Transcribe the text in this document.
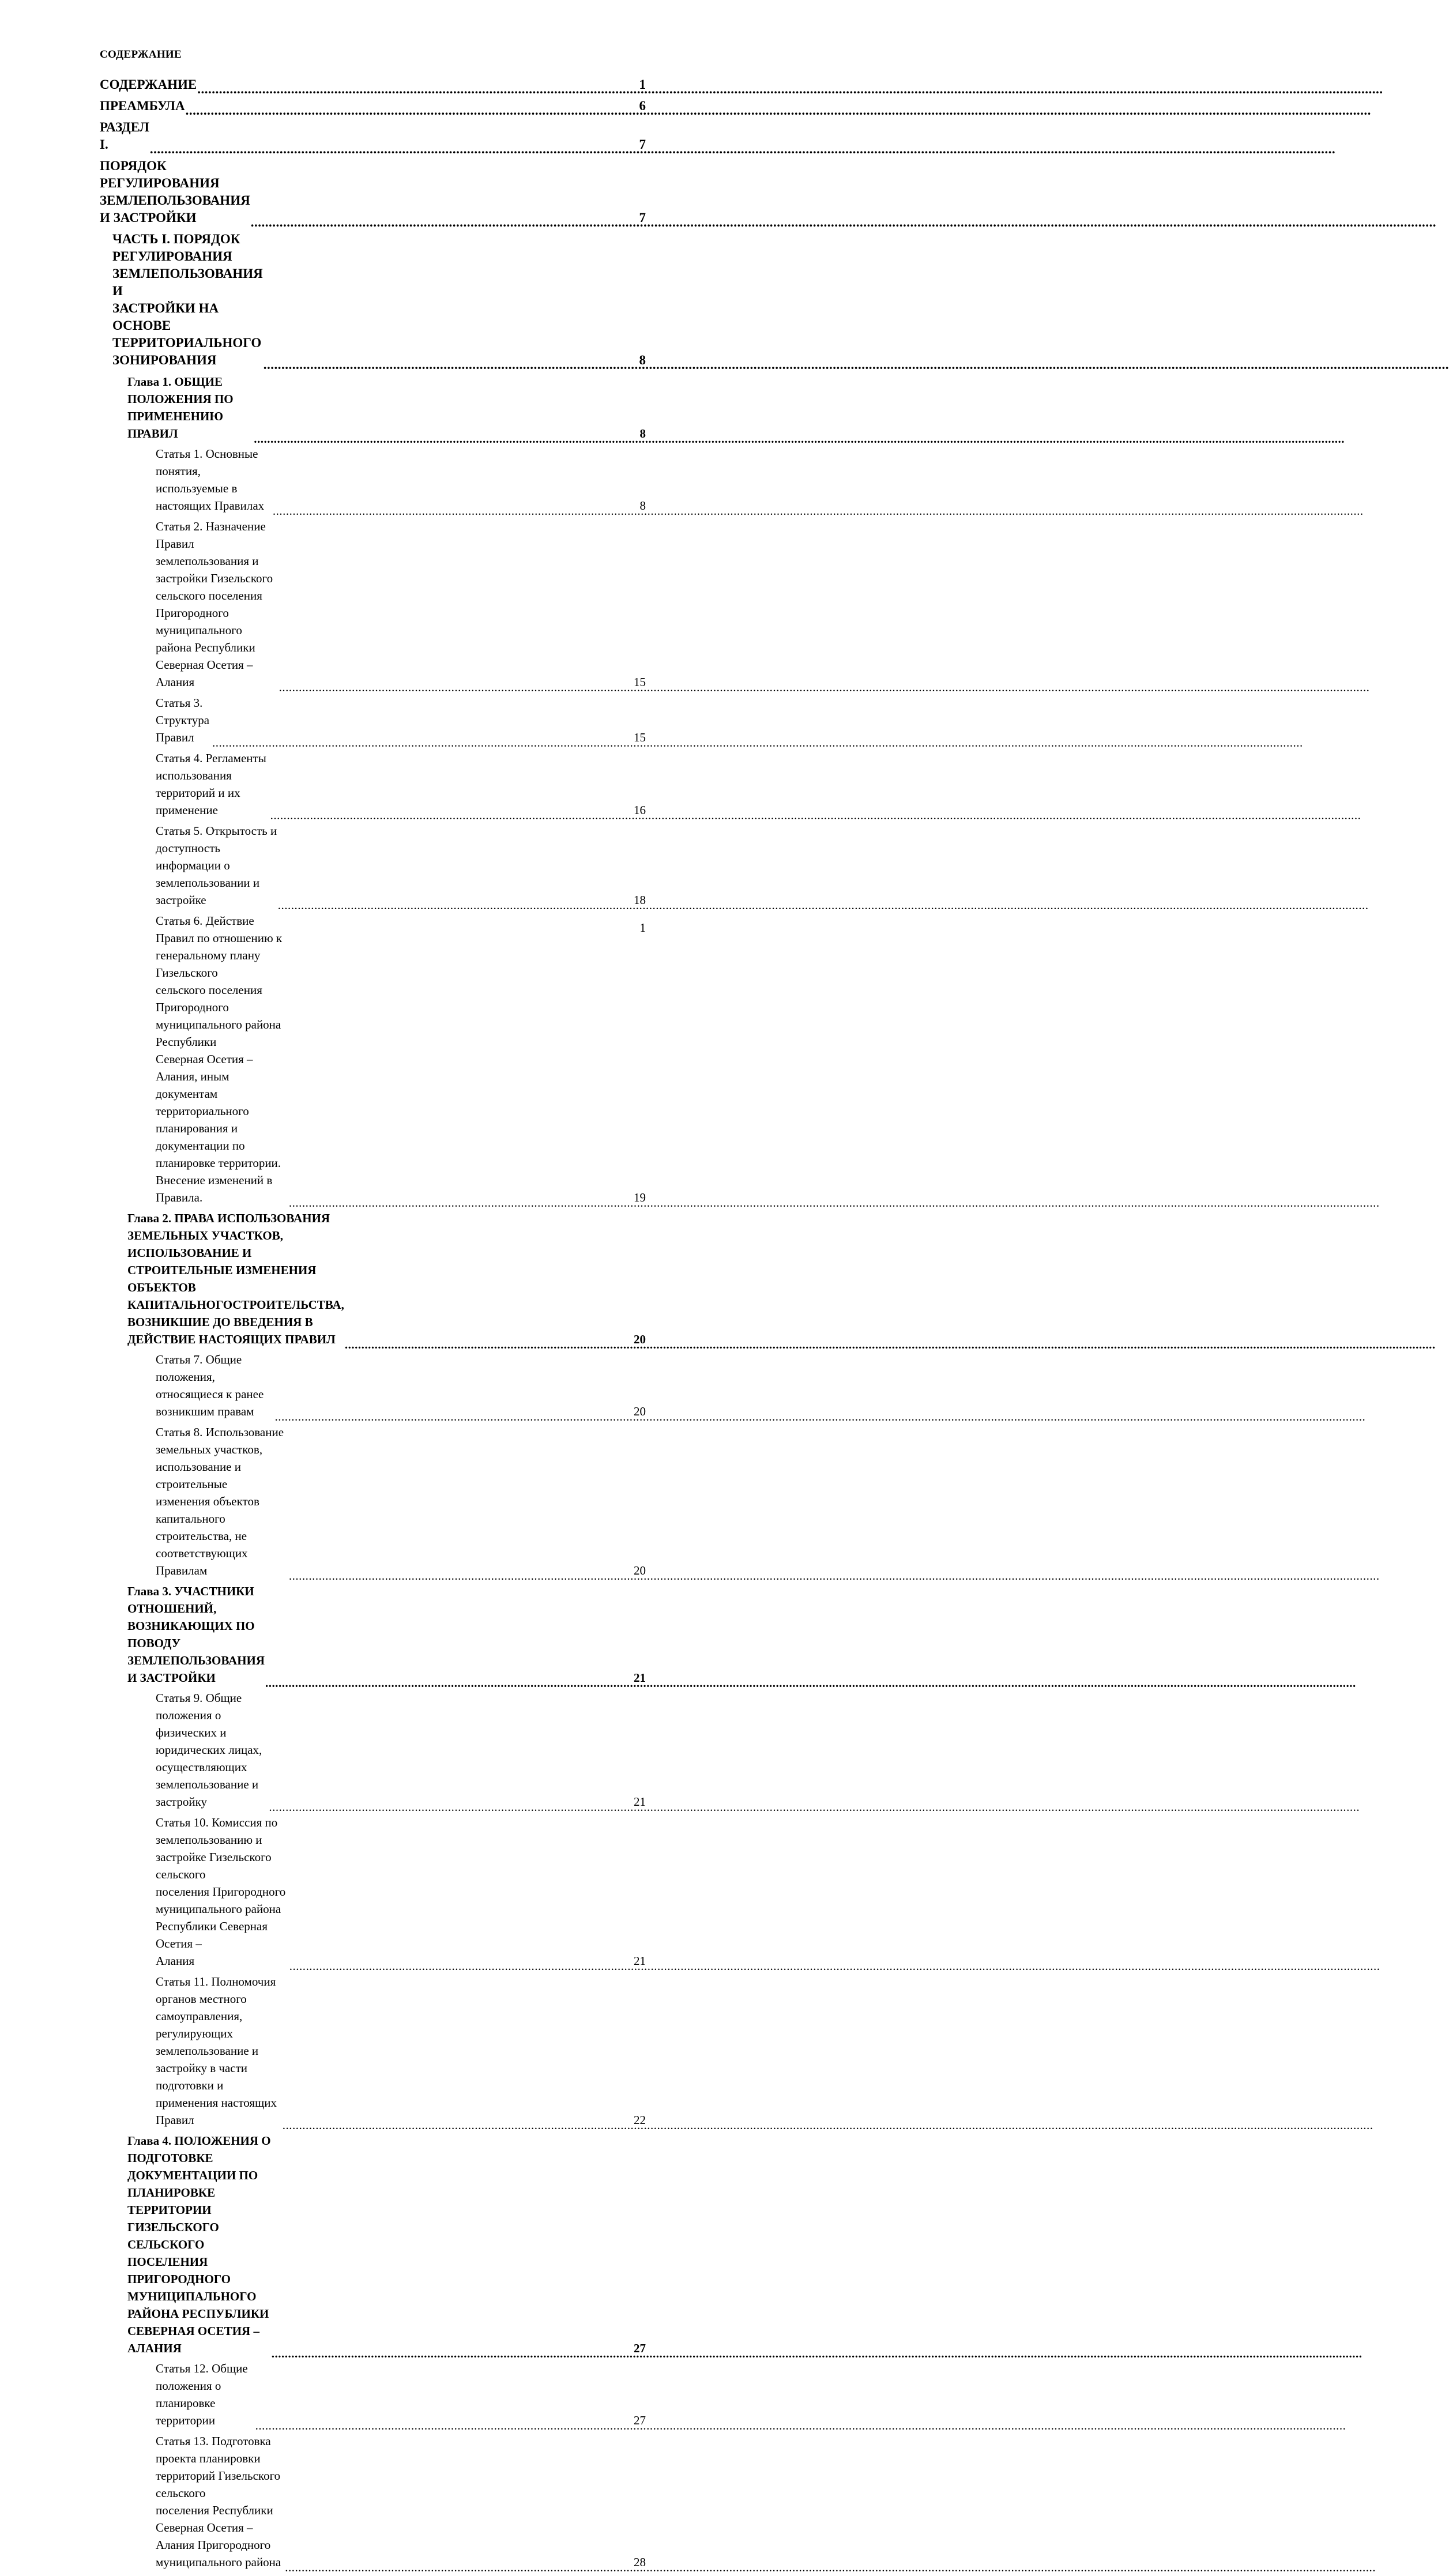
СОДЕРЖАНИЕ
СОДЕРЖАНИЕ .....	1
ПРЕАМБУЛА .....	6
РАЗДЕЛ I. .....	7
ПОРЯДОК РЕГУЛИРОВАНИЯ ЗЕМЛЕПОЛЬЗОВАНИЯ И ЗАСТРОЙКИ .....	7
ЧАСТЬ I. ПОРЯДОК РЕГУЛИРОВАНИЯ ЗЕМЛЕПОЛЬЗОВАНИЯ И
ЗАСТРОЙКИ НА ОСНОВЕ ТЕРРИТОРИАЛЬНОГО ЗОНИРОВАНИЯ .....	8
Глава 1. ОБЩИЕ ПОЛОЖЕНИЯ ПО ПРИМЕНЕНИЮ ПРАВИЛ .....	8
Статья 1. Основные понятия, используемые в настоящих Правилах .....	8
Статья 2. Назначение Правил землепользования и застройки Гизельского
сельского поселения Пригородного муниципального района Республики
Северная Осетия – Алания .....	15
Статья 3. Структура Правил .....	15
Статья 4. Регламенты использования территорий и их применение .....	16
Статья 5. Открытость и доступность информации о землепользовании и
застройке .....	18
Статья 6. Действие Правил по отношению к генеральному плану Гизельского
сельского поселения Пригородного муниципального района Республики
Северная Осетия – Алания, иным документам территориального планирования и
документации по планировке территории. Внесение изменений в Правила. .....	19
Глава 2. ПРАВА ИСПОЛЬЗОВАНИЯ ЗЕМЕЛЬНЫХ УЧАСТКОВ,
ИСПОЛЬЗОВАНИЕ И СТРОИТЕЛЬНЫЕ ИЗМЕНЕНИЯ ОБЪЕКТОВ
КАПИТАЛЬНОГОСТРОИТЕЛЬСТВА, ВОЗНИКШИЕ ДО ВВЕДЕНИЯ В
ДЕЙСТВИЕ НАСТОЯЩИХ ПРАВИЛ .....	20
Статья 7. Общие положения, относящиеся к ранее возникшим правам .....	20
Статья 8. Использование земельных участков, использование и строительные
изменения объектов капитального строительства, не соответствующих Правилам .....	20
Глава 3. УЧАСТНИКИ ОТНОШЕНИЙ, ВОЗНИКАЮЩИХ ПО ПОВОДУ
ЗЕМЛЕПОЛЬЗОВАНИЯ И ЗАСТРОЙКИ .....	21
Статья 9. Общие положения о физических и юридических лицах,
осуществляющих землепользование и застройку .....	21
Статья 10. Комиссия по землепользованию и застройке Гизельского сельского
поселения Пригородного муниципального района Республики Северная Осетия –
Алания .....	21
Статья 11. Полномочия органов местного самоуправления, регулирующих
землепользование и застройку в части подготовки и применения настоящих
Правил .....	22
Глава 4. ПОЛОЖЕНИЯ О ПОДГОТОВКЕ ДОКУМЕНТАЦИИ ПО
ПЛАНИРОВКЕ ТЕРРИТОРИИ ГИЗЕЛЬСКОГО СЕЛЬСКОГО ПОСЕЛЕНИЯ
ПРИГОРОДНОГО МУНИЦИПАЛЬНОГО РАЙОНА РЕСПУБЛИКИ
СЕВЕРНАЯ ОСЕТИЯ – АЛАНИЯ .....	27
Статья 12. Общие положения о планировке территории .....	27
Статья 13. Подготовка проекта планировки территорий Гизельского сельского
поселения Республики Северная Осетия – Алания Пригородного
муниципального района .....	28
1
